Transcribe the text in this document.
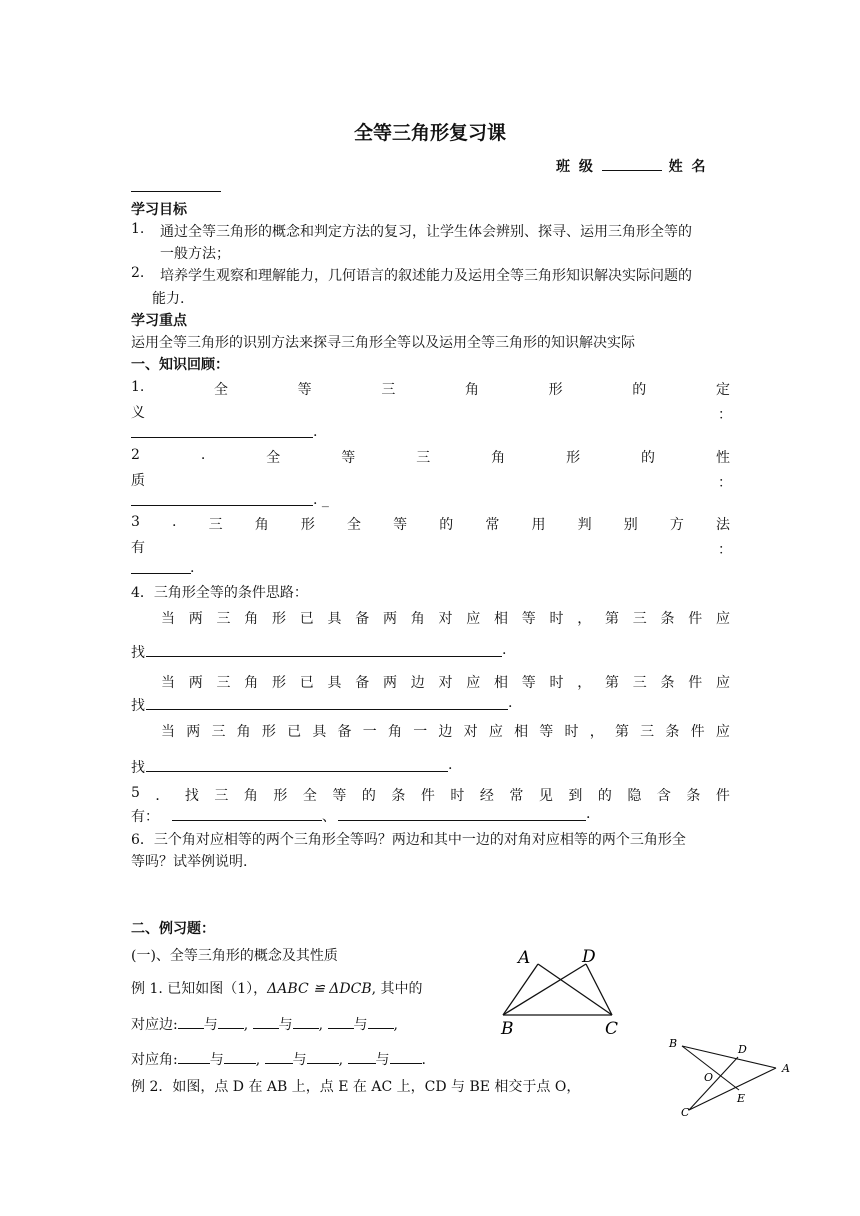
全等三角形复习课
班 级	姓 名
学习目标
1. 通过全等三角形的概念和判定方法的复习，让学生体会辨别、探寻、运用三角形全等的
一般方法；
2. 培养学生观察和理解能力，几何语言的叙述能力及运用全等三角形知识解决实际问题的
能力.
学习重点
运用全等三角形的识别方法来探寻三角形全等以及运用全等三角形的知识解决实际
一、知识回顾：
1.	全	等	三	角	形	的	定
义	：
.
2	.	全	等	三	角	形	的	性
质	：
. _
3 . 三 角 形 全 等 的 常 用 判 别 方 法
有	：
.
4．三角形全等的条件思路：
当 两 三 角 形 已 具 备 两 角 对 应 相 等 时 ， 第 三 条 件 应
找	.
当 两 三 角 形 已 具 备 两 边 对 应 相 等 时 ， 第 三 条 件 应
找	.
当 两 三 角 形 已 具 备 一 角 一 边 对 应 相 等 时 ， 第 三 条 件 应
找	.
5 ． 找 三 角 形 全 等 的 条 件 时 经 常 见 到 的 隐 含 条 件
有：	、	.
6．三个角对应相等的两个三角形全等吗？两边和其中一边的对角对应相等的两个三角形全
等吗？试举例说明.
二、例习题：
(一)、全等三角形的概念及其性质
例 1. 已知如图（1），ΔABC ≌ ΔDCB, 其中的
对应边: 与 , 与 , 与 ,
对应角: 与 , 与 , 与 .
例 2．如图，点 D 在 AB 上，点 E 在 AC 上，CD 与 BE 相交于点 O，
A	D
B	C
B	D
A
O
E
C
